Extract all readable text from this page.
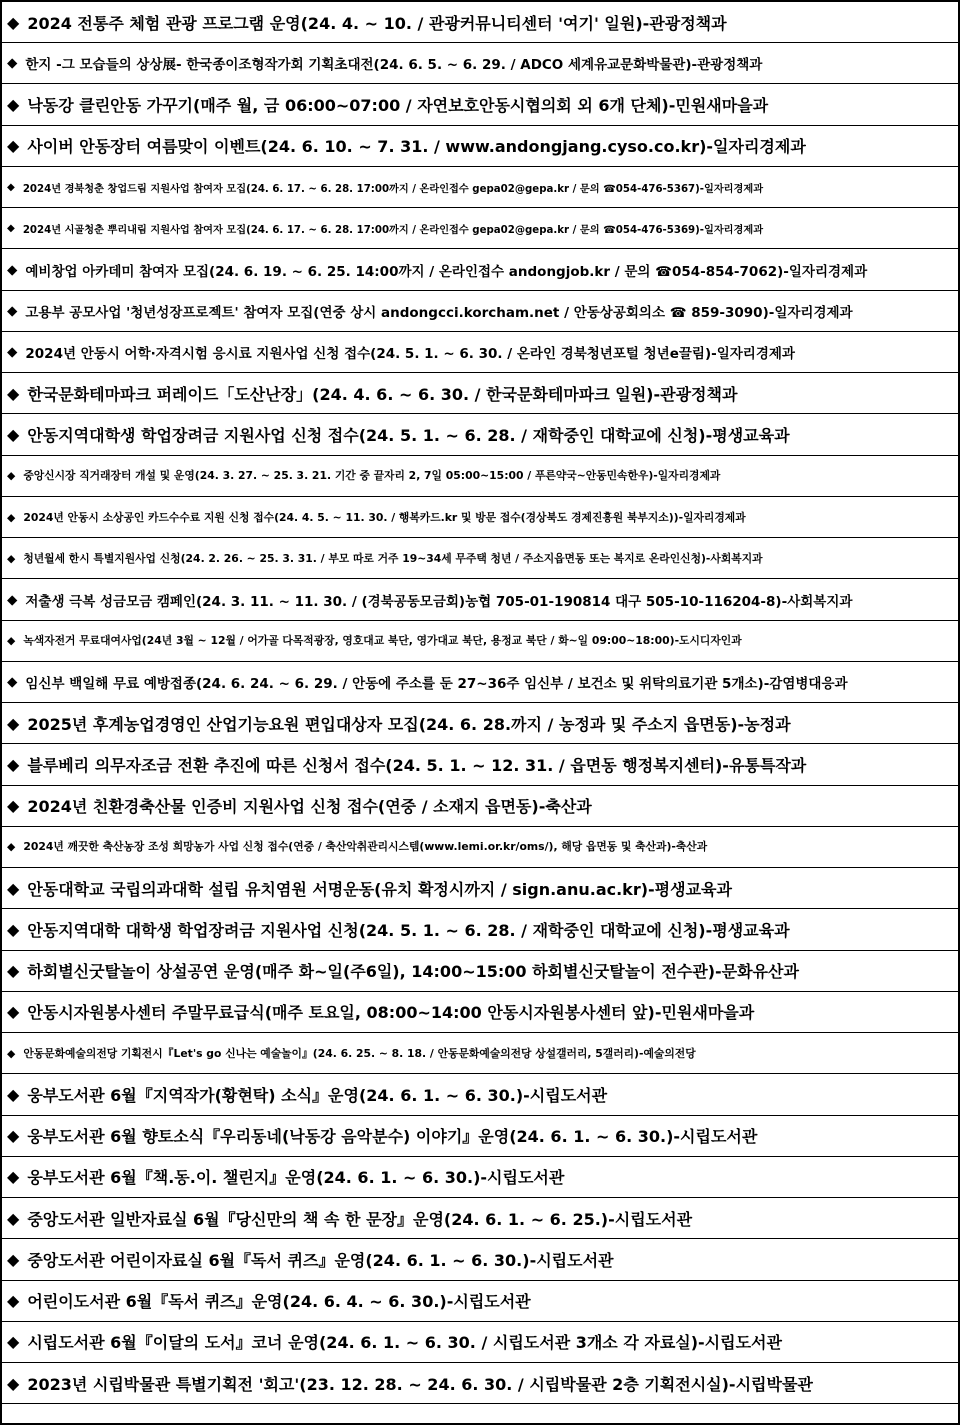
◆ 2024 전통주 체험 관광 프로그램 운영(24. 4. ~ 10. / 관광커뮤니티센터 '여기' 일원)-관광정책과
◆ 한지 -그 모습들의 상상展- 한국종이조형작가회 기획초대전(24. 6. 5. ~ 6. 29. / ADCO 세계유교문화박물관)-관광정책과
◆ 낙동강 클린안동 가꾸기(매주 월, 금 06:00~07:00 / 자연보호안동시협의회 외 6개 단체)-민원새마을과
◆ 사이버 안동장터 여름맞이 이벤트(24. 6. 10. ~ 7. 31. / www.andongjang.cyso.co.kr)-일자리경제과
◆ 2024년 경북청춘 창업드림 지원사업 참여자 모집(24. 6. 17. ~ 6. 28. 17:00까지 / 온라인접수 gepa02@gepa.kr / 문의 ☎054-476-5367)-일자리경제과
◆ 2024년 시골청춘 뿌리내림 지원사업 참여자 모집(24. 6. 17. ~ 6. 28. 17:00까지 / 온라인접수 gepa02@gepa.kr / 문의 ☎054-476-5369)-일자리경제과
◆ 예비창업 아카데미 참여자 모집(24. 6. 19. ~ 6. 25. 14:00까지 / 온라인접수 andongjob.kr / 문의 ☎054-854-7062)-일자리경제과
◆ 고용부 공모사업 '청년성장프로젝트' 참여자 모집(연중 상시 andongcci.korcham.net / 안동상공회의소 ☎ 859-3090)-일자리경제과
◆ 2024년 안동시 어학·자격시험 응시료 지원사업 신청 접수(24. 5. 1. ~ 6. 30. / 온라인 경북청년포털 청년e끌림)-일자리경제과
◆ 한국문화테마파크 퍼레이드「도산난장」(24. 4. 6. ~ 6. 30. / 한국문화테마파크 일원)-관광정책과
◆ 안동지역대학생 학업장려금 지원사업 신청 접수(24. 5. 1. ~ 6. 28. / 재학중인 대학교에 신청)-평생교육과
◆ 중앙신시장 직거래장터 개설 및 운영(24. 3. 27. ~ 25. 3. 21. 기간 중 끝자리 2, 7일 05:00~15:00 / 푸른약국~안동민속한우)-일자리경제과
◆ 2024년 안동시 소상공인 카드수수료 지원 신청 접수(24. 4. 5. ~ 11. 30. / 행복카드.kr 및 방문 접수(경상북도 경제진흥원 북부지소))-일자리경제과
◆ 청년월세 한시 특별지원사업 신청(24. 2. 26. ~ 25. 3. 31. / 부모 따로 거주 19~34세 무주택 청년 / 주소지읍면동 또는 복지로 온라인신청)-사회복지과
◆ 저출생 극복 성금모금 캠페인(24. 3. 11. ~ 11. 30. / (경북공동모금회)농협 705-01-190814 대구 505-10-116204-8)-사회복지과
◆ 녹색자전거 무료대여사업(24년 3월 ~ 12월 / 어가골 다목적광장, 영호대교 북단, 영가대교 북단, 용정교 북단 / 화~일 09:00~18:00)-도시디자인과
◆ 임신부 백일해 무료 예방접종(24. 6. 24. ~ 6. 29. / 안동에 주소를 둔 27~36주 임신부 / 보건소 및 위탁의료기관 5개소)-감염병대응과
◆ 2025년 후계농업경영인 산업기능요원 편입대상자 모집(24. 6. 28.까지 / 농정과 및 주소지 읍면동)-농정과
◆ 블루베리 의무자조금 전환 추진에 따른 신청서 접수(24. 5. 1. ~ 12. 31. / 읍면동 행정복지센터)-유통특작과
◆ 2024년 친환경축산물 인증비 지원사업 신청 접수(연중 / 소재지 읍면동)-축산과
◆ 2024년 깨끗한 축산농장 조성 희망농가 사업 신청 접수(연중 / 축산악취관리시스템(www.lemi.or.kr/oms/), 해당 읍면동 및 축산과)-축산과
◆ 안동대학교 국립의과대학 설립 유치염원 서명운동(유치 확정시까지 / sign.anu.ac.kr)-평생교육과
◆ 안동지역대학 대학생 학업장려금 지원사업 신청(24. 5. 1. ~ 6. 28. / 재학중인 대학교에 신청)-평생교육과
◆ 하회별신굿탈놀이 상설공연 운영(매주 화~일(주6일), 14:00~15:00 하회별신굿탈놀이 전수관)-문화유산과
◆ 안동시자원봉사센터 주말무료급식(매주 토요일, 08:00~14:00 안동시자원봉사센터 앞)-민원새마을과
◆ 안동문화예술의전당 기획전시『Let's go 신나는 예술놀이』(24. 6. 25. ~ 8. 18. / 안동문화예술의전당 상설갤러리, 5갤러리)-예술의전당
◆ 웅부도서관 6월『지역작가(황현탁) 소식』운영(24. 6. 1. ~ 6. 30.)-시립도서관
◆ 웅부도서관 6월 향토소식『우리동네(낙동강 음악분수) 이야기』운영(24. 6. 1. ~ 6. 30.)-시립도서관
◆ 웅부도서관 6월『책.동.이. 챌린지』운영(24. 6. 1. ~ 6. 30.)-시립도서관
◆ 중앙도서관 일반자료실 6월『당신만의 책 속 한 문장』운영(24. 6. 1. ~ 6. 25.)-시립도서관
◆ 중앙도서관 어린이자료실 6월『독서 퀴즈』운영(24. 6. 1. ~ 6. 30.)-시립도서관
◆ 어린이도서관 6월『독서 퀴즈』운영(24. 6. 4. ~ 6. 30.)-시립도서관
◆ 시립도서관 6월『이달의 도서』코너 운영(24. 6. 1. ~ 6. 30. / 시립도서관 3개소 각 자료실)-시립도서관
◆ 2023년 시립박물관 특별기획전 '회고'(23. 12. 28. ~ 24. 6. 30. / 시립박물관 2층 기획전시실)-시립박물관
